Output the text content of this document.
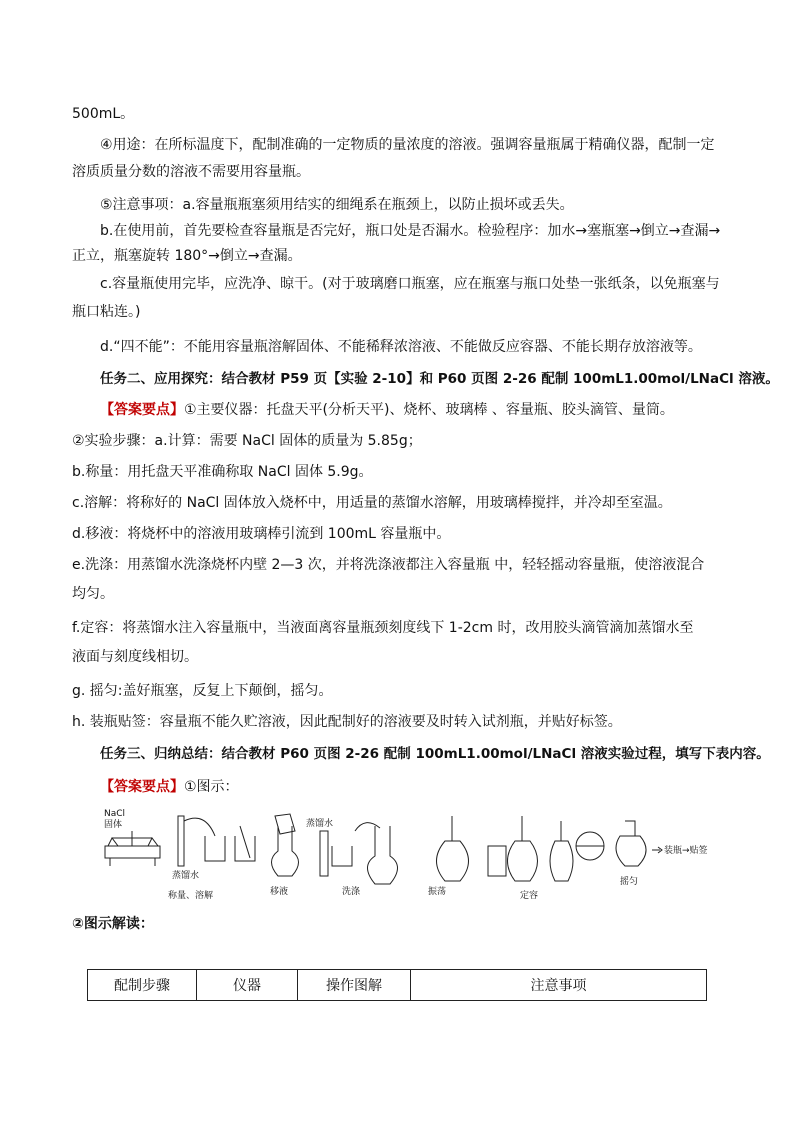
500mL。
④用途：在所标温度下，配制准确的一定物质的量浓度的溶液。强调容量瓶属于精确仪器，配制一定
溶质质量分数的溶液不需要用容量瓶。
⑤注意事项：a.容量瓶瓶塞须用结实的细绳系在瓶颈上，以防止损坏或丢失。
b.在使用前，首先要检查容量瓶是否完好，瓶口处是否漏水。检验程序：加水→塞瓶塞→倒立→查漏→
正立，瓶塞旋转 180°→倒立→查漏。
c.容量瓶使用完毕，应洗净、晾干。(对于玻璃磨口瓶塞，应在瓶塞与瓶口处垫一张纸条，以免瓶塞与
瓶口粘连。)
d.“四不能”：不能用容量瓶溶解固体、不能稀释浓溶液、不能做反应容器、不能长期存放溶液等。
任务二、应用探究：结合教材 P59 页【实验 2-10】和 P60 页图 2-26 配制 100mL1.00mol/LNaCl 溶液。
【答案要点】①主要仪器：托盘天平(分析天平)、烧杯、玻璃棒 、容量瓶、胶头滴管、量筒。
②实验步骤：a.计算：需要 NaCl 固体的质量为 5.85g；
b.称量：用托盘天平准确称取 NaCl 固体 5.9g。
c.溶解：将称好的 NaCl 固体放入烧杯中，用适量的蒸馏水溶解，用玻璃棒搅拌，并冷却至室温。
d.移液：将烧杯中的溶液用玻璃棒引流到 100mL 容量瓶中。
e.洗涤：用蒸馏水洗涤烧杯内壁 2—3 次，并将洗涤液都注入容量瓶 中，轻轻摇动容量瓶，使溶液混合
均匀。
f.定容：将蒸馏水注入容量瓶中，当液面离容量瓶颈刻度线下 1-2cm 时，改用胶头滴管滴加蒸馏水至
液面与刻度线相切。
g. 摇匀:盖好瓶塞，反复上下颠倒，摇匀。
h. 装瓶贴签：容量瓶不能久贮溶液，因此配制好的溶液要及时转入试剂瓶，并贴好标签。
任务三、归纳总结：结合教材 P60 页图 2-26 配制 100mL1.00mol/LNaCl 溶液实验过程，填写下表内容。
【答案要点】①图示：
NaCl
固体
蒸馏水
称量、溶解	移液
蒸馏水
洗涤	振荡	定容
摇匀
装瓶→贴签
②图示解读：
配制步骤	仪器	操作图解	注意事项
